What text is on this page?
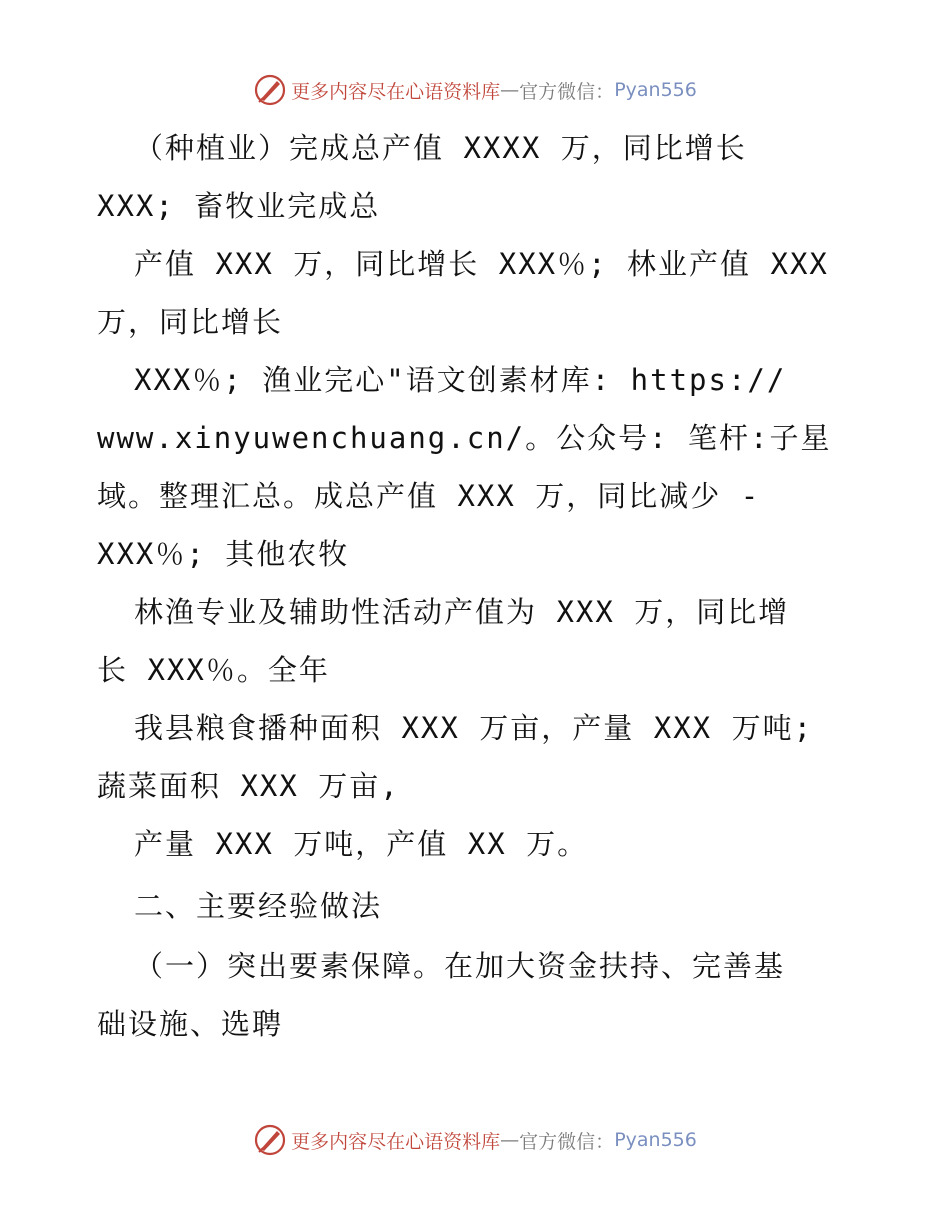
更多内容尽在心语资料库 — 官方微信： Pyan556
（种植业）完成总产值 XXXX 万，同比增长
XXX; 畜牧业完成总
产值 XXX 万，同比增长 XXX％; 林业产值 XXX
万，同比增长
XXX％; 渔业完心"语文创素材库: https://
www.xinyuwenchuang.cn/。公众号: 笔杆:子星
域。整理汇总。成总产值 XXX 万，同比减少 -
XXX％; 其他农牧
林渔专业及辅助性活动产值为 XXX 万，同比增
长 XXX％。全年
我县粮食播种面积 XXX 万亩，产量 XXX 万吨;
蔬菜面积 XXX 万亩,
产量 XXX 万吨，产值 XX 万。
二、主要经验做法
（一）突出要素保障。在加大资金扶持、完善基
础设施、选聘
更多内容尽在心语资料库 — 官方微信： Pyan556
